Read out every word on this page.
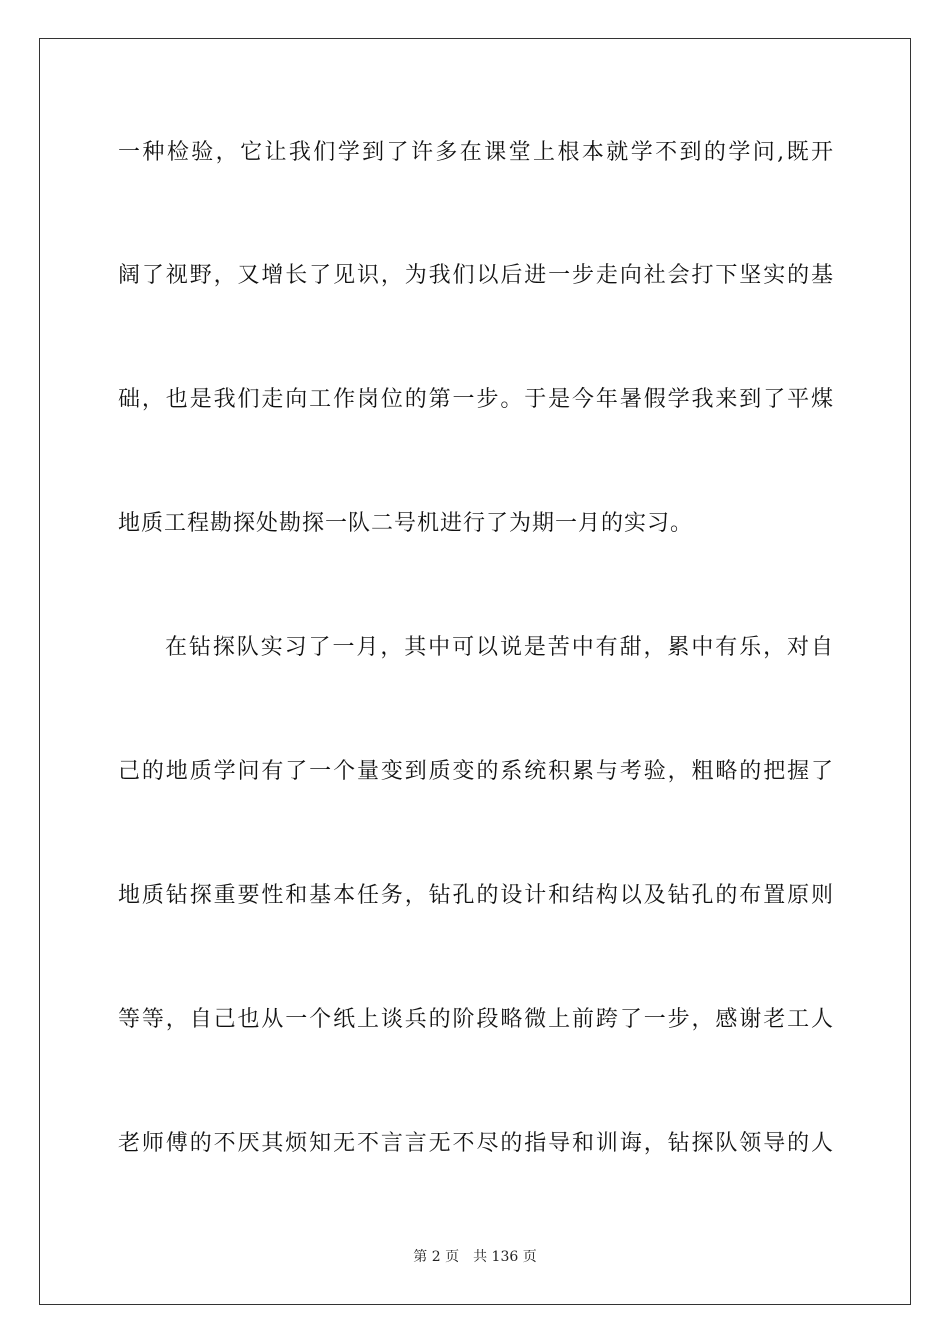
一种检验，它让我们学到了许多在课堂上根本就学不到的学问,既开
阔了视野，又增长了见识，为我们以后进一步走向社会打下坚实的基
础，也是我们走向工作岗位的第一步。于是今年暑假学我来到了平煤
地质工程勘探处勘探一队二号机进行了为期一月的实习。
在钻探队实习了一月，其中可以说是苦中有甜，累中有乐，对自
己的地质学问有了一个量变到质变的系统积累与考验，粗略的把握了
地质钻探重要性和基本任务，钻孔的设计和结构以及钻孔的布置原则
等等，自己也从一个纸上谈兵的阶段略微上前跨了一步，感谢老工人
老师傅的不厌其烦知无不言言无不尽的指导和训诲，钻探队领导的人
第 2 页　共 136 页
